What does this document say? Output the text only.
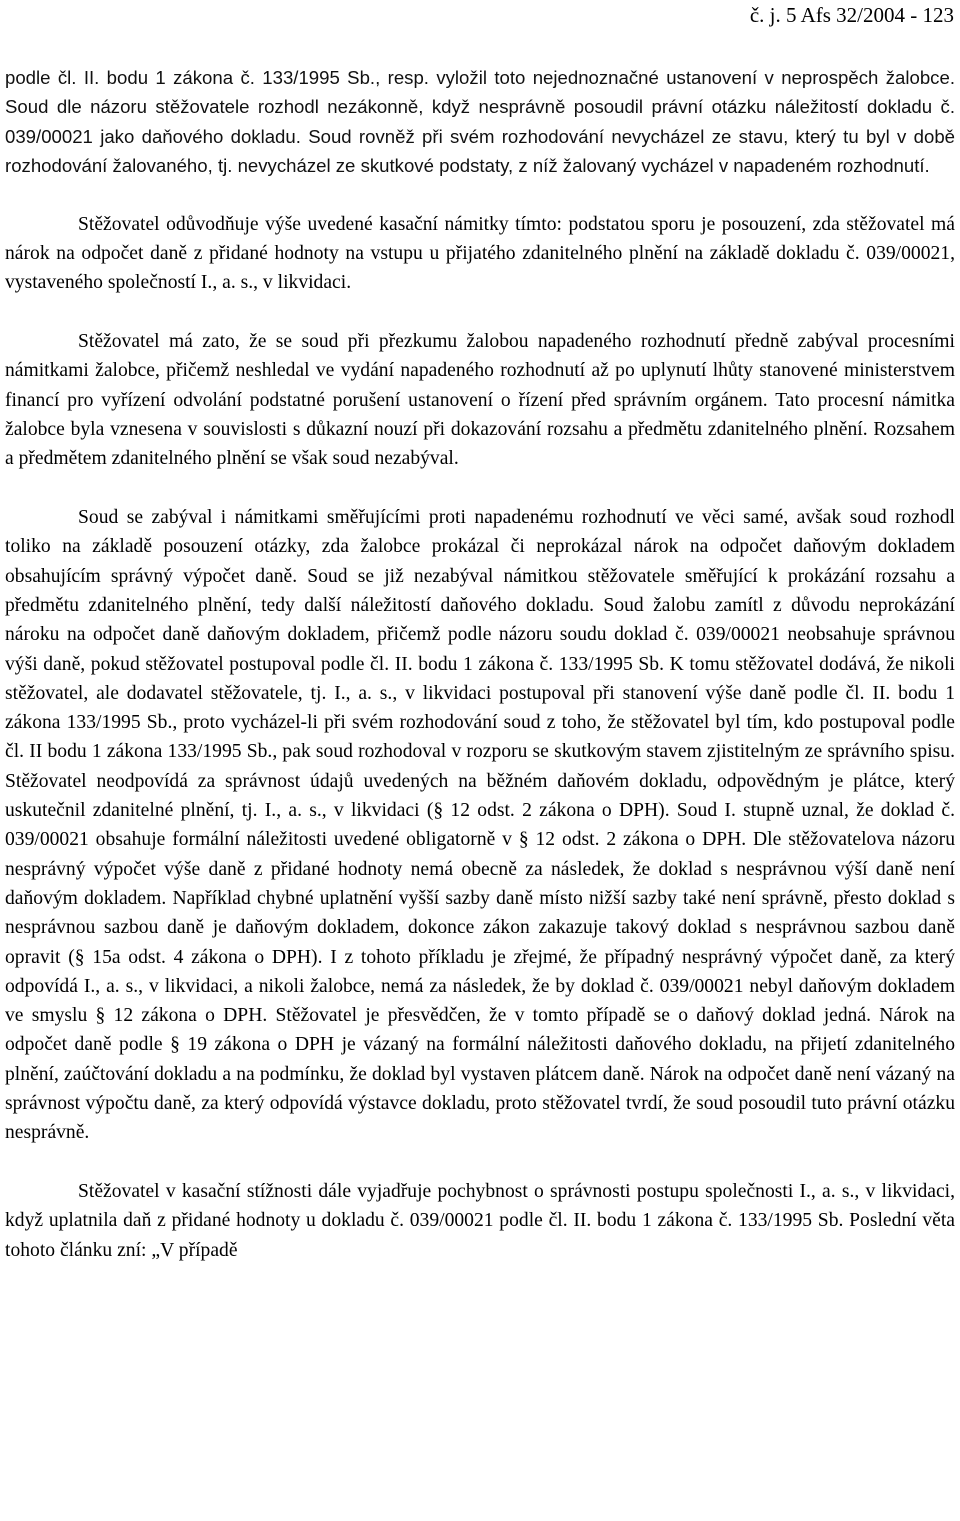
č. j. 5 Afs 32/2004 - 123

podle čl. II. bodu 1 zákona č. 133/1995 Sb., resp. vyložil toto nejednoznačné ustanovení v neprospěch žalobce. Soud dle názoru stěžovatele rozhodl nezákonně, když nesprávně posoudil právní otázku náležitostí dokladu č. 039/00021 jako daňového dokladu. Soud rovněž při svém rozhodování nevycházel ze stavu, který tu byl v době rozhodování žalovaného, tj. nevycházel ze skutkové podstaty, z níž žalovaný vycházel v napadeném rozhodnutí.

Stěžovatel odůvodňuje výše uvedené kasační námitky tímto: podstatou sporu je posouzení, zda stěžovatel má nárok na odpočet daně z přidané hodnoty na vstupu u přijatého zdanitelného plnění na základě dokladu č. 039/00021, vystaveného společností I., a. s., v likvidaci.

Stěžovatel má zato, že se soud při přezkumu žalobou napadeného rozhodnutí předně zabýval procesními námitkami žalobce, přičemž neshledal ve vydání napadeného rozhodnutí až po uplynutí lhůty stanovené ministerstvem financí pro vyřízení odvolání podstatné porušení ustanovení o řízení před správním orgánem. Tato procesní námitka žalobce byla vznesena v souvislosti s důkazní nouzí při dokazování rozsahu a předmětu zdanitelného plnění. Rozsahem a předmětem zdanitelného plnění se však soud nezabýval.

Soud se zabýval i námitkami směřujícími proti napadenému rozhodnutí ve věci samé, avšak soud rozhodl toliko na základě posouzení otázky, zda žalobce prokázal či neprokázal nárok na odpočet daňovým dokladem obsahujícím správný výpočet daně. Soud se již nezabýval námitkou stěžovatele směřující k prokázání rozsahu a předmětu zdanitelného plnění, tedy další náležitostí daňového dokladu. Soud žalobu zamítl z důvodu neprokázání nároku na odpočet daně daňovým dokladem, přičemž podle názoru soudu doklad č. 039/00021 neobsahuje správnou výši daně, pokud stěžovatel postupoval podle čl. II. bodu 1 zákona č. 133/1995 Sb. K tomu stěžovatel dodává, že nikoli stěžovatel, ale dodavatel stěžovatele, tj. I., a. s., v likvidaci postupoval při stanovení výše daně podle čl. II. bodu 1 zákona 133/1995 Sb., proto vycházel-li při svém rozhodování soud z toho, že stěžovatel byl tím, kdo postupoval podle čl. II bodu 1 zákona 133/1995 Sb., pak soud rozhodoval v rozporu se skutkovým stavem zjistitelným ze správního spisu. Stěžovatel neodpovídá za správnost údajů uvedených na běžném daňovém dokladu, odpovědným je plátce, který uskutečnil zdanitelné plnění, tj. I., a. s., v likvidaci (§ 12 odst. 2 zákona o DPH). Soud I. stupně uznal, že doklad č. 039/00021 obsahuje formální náležitosti uvedené obligatorně v § 12 odst. 2 zákona o DPH. Dle stěžovatelova názoru nesprávný výpočet výše daně z přidané hodnoty nemá obecně za následek, že doklad s nesprávnou výší daně není daňovým dokladem. Například chybné uplatnění vyšší sazby daně místo nižší sazby také není správně, přesto doklad s nesprávnou sazbou daně je daňovým dokladem, dokonce zákon zakazuje takový doklad s nesprávnou sazbou daně opravit (§ 15a odst. 4 zákona o DPH). I z tohoto příkladu je zřejmé, že případný nesprávný výpočet daně, za který odpovídá I., a. s., v likvidaci, a nikoli žalobce, nemá za následek, že by doklad č. 039/00021 nebyl daňovým dokladem ve smyslu § 12 zákona o DPH. Stěžovatel je přesvědčen, že v tomto případě se o daňový doklad jedná. Nárok na odpočet daně podle § 19 zákona o DPH je vázaný na formální náležitosti daňového dokladu, na přijetí zdanitelného plnění, zaúčtování dokladu a na podmínku, že doklad byl vystaven plátcem daně. Nárok na odpočet daně není vázaný na správnost výpočtu daně, za který odpovídá výstavce dokladu, proto stěžovatel tvrdí, že soud posoudil tuto právní otázku nesprávně.

Stěžovatel v kasační stížnosti dále vyjadřuje pochybnost o správnosti postupu společnosti I., a. s., v likvidaci, když uplatnila daň z přidané hodnoty u dokladu č. 039/00021 podle čl. II. bodu 1 zákona č. 133/1995 Sb. Poslední věta tohoto článku zní: „V případě
